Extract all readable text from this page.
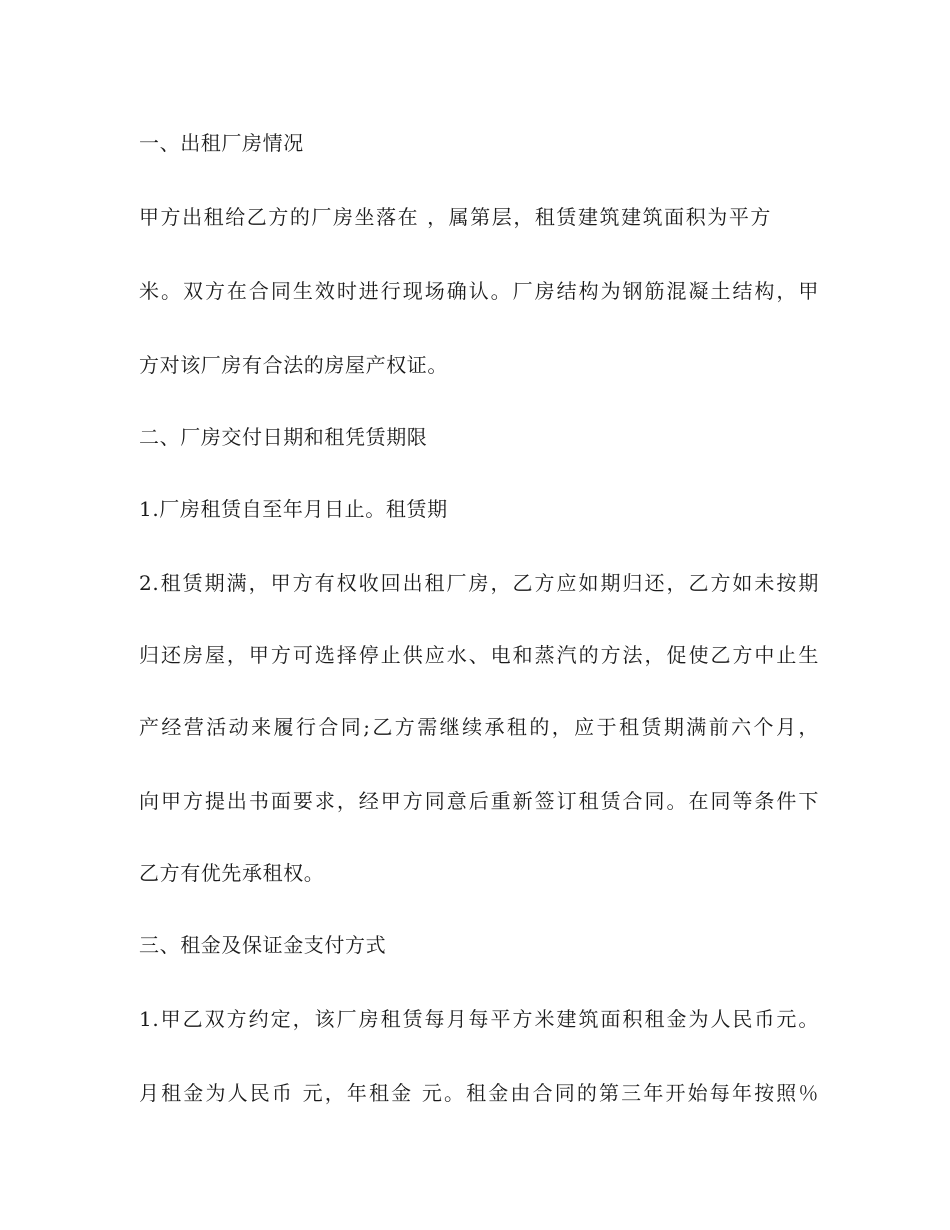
一、出租厂房情况
甲方出租给乙方的厂房坐落在 ，属第层，租赁建筑建筑面积为平方
米。双方在合同生效时进行现场确认。厂房结构为钢筋混凝土结构，甲
方对该厂房有合法的房屋产权证。
二、厂房交付日期和租凭赁期限
1.厂房租赁自至年月日止。租赁期
2.租赁期满，甲方有权收回出租厂房，乙方应如期归还，乙方如未按期
归还房屋，甲方可选择停止供应水、电和蒸汽的方法，促使乙方中止生
产经营活动来履行合同;乙方需继续承租的，应于租赁期满前六个月，
向甲方提出书面要求，经甲方同意后重新签订租赁合同。在同等条件下
乙方有优先承租权。
三、租金及保证金支付方式
1.甲乙双方约定，该厂房租赁每月每平方米建筑面积租金为人民币元。
月租金为人民币 元，年租金 元。租金由合同的第三年开始每年按照％
